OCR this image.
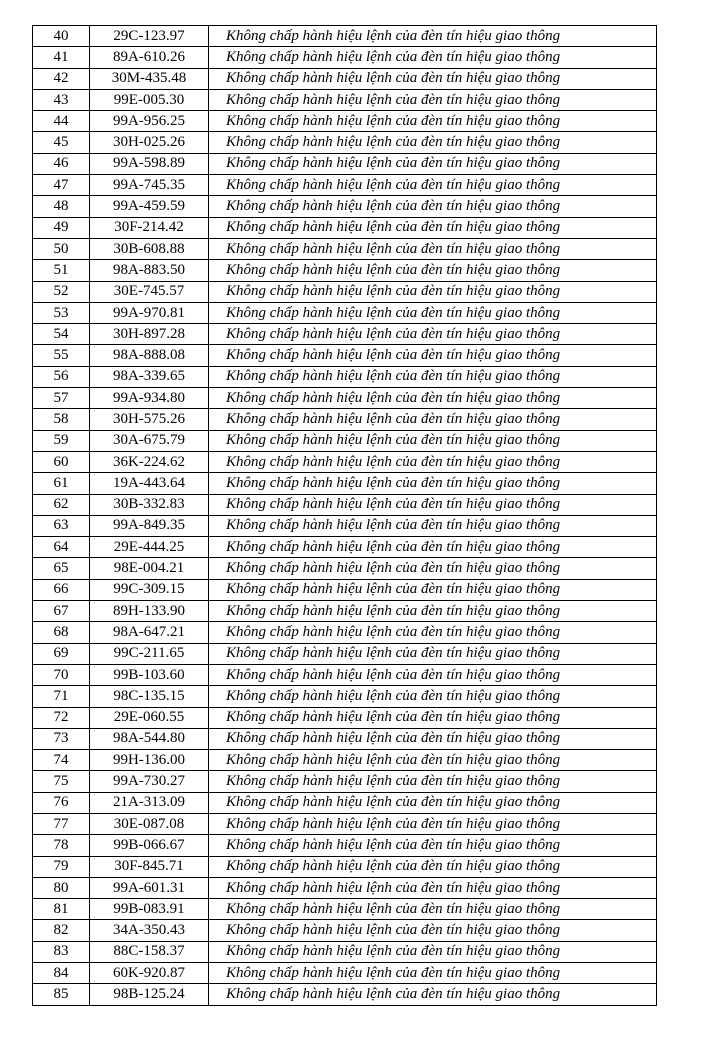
40	29C-123.97	Không chấp hành hiệu lệnh của đèn tín hiệu giao thông
41	89A-610.26	Không chấp hành hiệu lệnh của đèn tín hiệu giao thông
42	30M-435.48	Không chấp hành hiệu lệnh của đèn tín hiệu giao thông
43	99E-005.30	Không chấp hành hiệu lệnh của đèn tín hiệu giao thông
44	99A-956.25	Không chấp hành hiệu lệnh của đèn tín hiệu giao thông
45	30H-025.26	Không chấp hành hiệu lệnh của đèn tín hiệu giao thông
46	99A-598.89	Không chấp hành hiệu lệnh của đèn tín hiệu giao thông
47	99A-745.35	Không chấp hành hiệu lệnh của đèn tín hiệu giao thông
48	99A-459.59	Không chấp hành hiệu lệnh của đèn tín hiệu giao thông
49	30F-214.42	Không chấp hành hiệu lệnh của đèn tín hiệu giao thông
50	30B-608.88	Không chấp hành hiệu lệnh của đèn tín hiệu giao thông
51	98A-883.50	Không chấp hành hiệu lệnh của đèn tín hiệu giao thông
52	30E-745.57	Không chấp hành hiệu lệnh của đèn tín hiệu giao thông
53	99A-970.81	Không chấp hành hiệu lệnh của đèn tín hiệu giao thông
54	30H-897.28	Không chấp hành hiệu lệnh của đèn tín hiệu giao thông
55	98A-888.08	Không chấp hành hiệu lệnh của đèn tín hiệu giao thông
56	98A-339.65	Không chấp hành hiệu lệnh của đèn tín hiệu giao thông
57	99A-934.80	Không chấp hành hiệu lệnh của đèn tín hiệu giao thông
58	30H-575.26	Không chấp hành hiệu lệnh của đèn tín hiệu giao thông
59	30A-675.79	Không chấp hành hiệu lệnh của đèn tín hiệu giao thông
60	36K-224.62	Không chấp hành hiệu lệnh của đèn tín hiệu giao thông
61	19A-443.64	Không chấp hành hiệu lệnh của đèn tín hiệu giao thông
62	30B-332.83	Không chấp hành hiệu lệnh của đèn tín hiệu giao thông
63	99A-849.35	Không chấp hành hiệu lệnh của đèn tín hiệu giao thông
64	29E-444.25	Không chấp hành hiệu lệnh của đèn tín hiệu giao thông
65	98E-004.21	Không chấp hành hiệu lệnh của đèn tín hiệu giao thông
66	99C-309.15	Không chấp hành hiệu lệnh của đèn tín hiệu giao thông
67	89H-133.90	Không chấp hành hiệu lệnh của đèn tín hiệu giao thông
68	98A-647.21	Không chấp hành hiệu lệnh của đèn tín hiệu giao thông
69	99C-211.65	Không chấp hành hiệu lệnh của đèn tín hiệu giao thông
70	99B-103.60	Không chấp hành hiệu lệnh của đèn tín hiệu giao thông
71	98C-135.15	Không chấp hành hiệu lệnh của đèn tín hiệu giao thông
72	29E-060.55	Không chấp hành hiệu lệnh của đèn tín hiệu giao thông
73	98A-544.80	Không chấp hành hiệu lệnh của đèn tín hiệu giao thông
74	99H-136.00	Không chấp hành hiệu lệnh của đèn tín hiệu giao thông
75	99A-730.27	Không chấp hành hiệu lệnh của đèn tín hiệu giao thông
76	21A-313.09	Không chấp hành hiệu lệnh của đèn tín hiệu giao thông
77	30E-087.08	Không chấp hành hiệu lệnh của đèn tín hiệu giao thông
78	99B-066.67	Không chấp hành hiệu lệnh của đèn tín hiệu giao thông
79	30F-845.71	Không chấp hành hiệu lệnh của đèn tín hiệu giao thông
80	99A-601.31	Không chấp hành hiệu lệnh của đèn tín hiệu giao thông
81	99B-083.91	Không chấp hành hiệu lệnh của đèn tín hiệu giao thông
82	34A-350.43	Không chấp hành hiệu lệnh của đèn tín hiệu giao thông
83	88C-158.37	Không chấp hành hiệu lệnh của đèn tín hiệu giao thông
84	60K-920.87	Không chấp hành hiệu lệnh của đèn tín hiệu giao thông
85	98B-125.24	Không chấp hành hiệu lệnh của đèn tín hiệu giao thông
